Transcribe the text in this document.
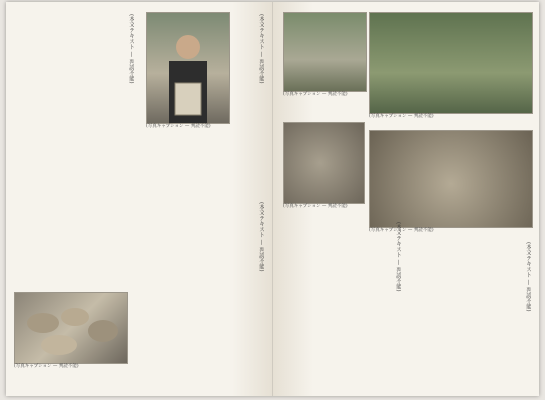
(本文テキスト — 判読不能)
(本文テキスト — 判読不能)
(本文テキスト — 判読不能)
(写真キャプション — 判読不能)
(写真キャプション — 判読不能)
(写真キャプション — 判読不能)
(写真キャプション — 判読不能)
(写真キャプション — 判読不能)
(写真キャプション — 判読不能)
(本文テキスト — 判読不能)
(本文テキスト — 判読不能)
